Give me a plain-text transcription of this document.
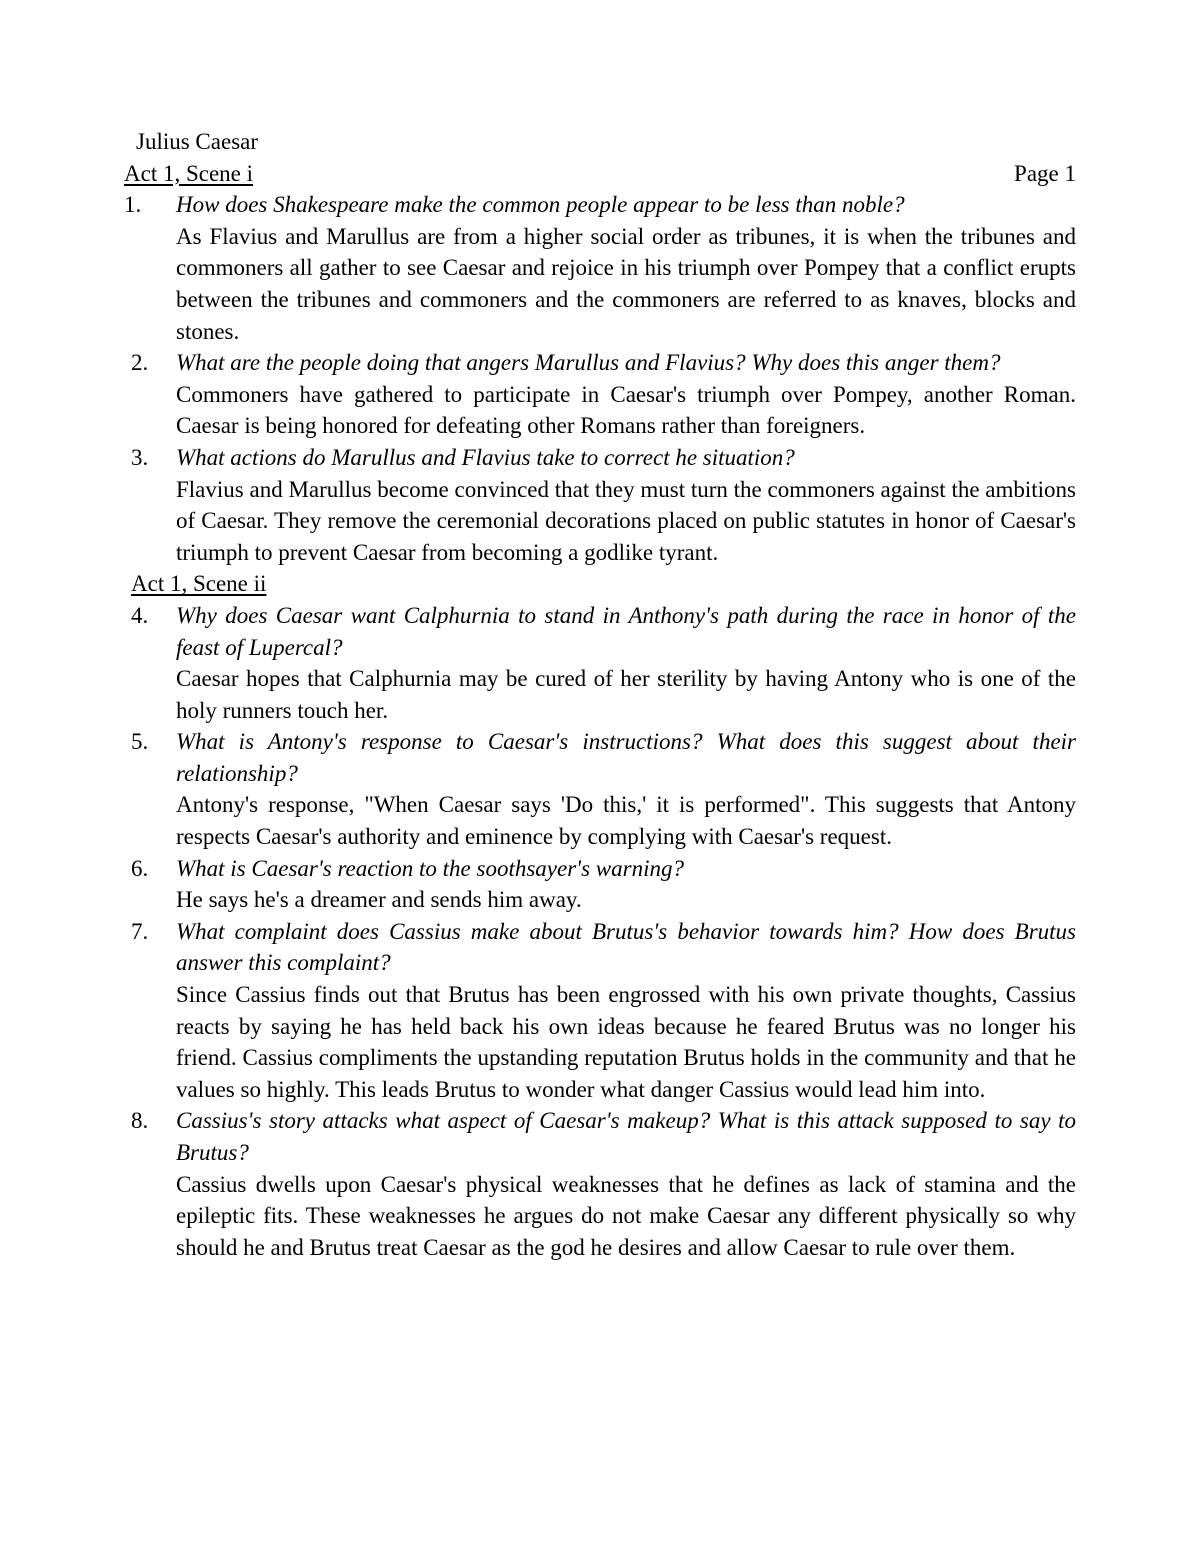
Julius Caesar
Act 1, Scene i	Page 1
1.	How does Shakespeare make the common people appear to be less than noble?
As Flavius and Marullus are from a higher social order as tribunes, it is when the tribunes and commoners all gather to see Caesar and rejoice in his triumph over Pompey that a conflict erupts between the tribunes and commoners and the commoners are referred to as knaves, blocks and stones.
2.	What are the people doing that angers Marullus and Flavius? Why does this anger them?
Commoners have gathered to participate in Caesar's triumph over Pompey, another Roman. Caesar is being honored for defeating other Romans rather than foreigners.
3.	What actions do Marullus and Flavius take to correct he situation?
Flavius and Marullus become convinced that they must turn the commoners against the ambitions of Caesar. They remove the ceremonial decorations placed on public statutes in honor of Caesar's triumph to prevent Caesar from becoming a godlike tyrant.
Act 1, Scene ii
4.	Why does Caesar want Calphurnia to stand in Anthony's path during the race in honor of the feast of Lupercal?
Caesar hopes that Calphurnia may be cured of her sterility by having Antony who is one of the holy runners touch her.
5.	What is Antony's response to Caesar's instructions? What does this suggest about their relationship?
Antony's response, "When Caesar says 'Do this,' it is performed". This suggests that Antony respects Caesar's authority and eminence by complying with Caesar's request.
6.	What is Caesar's reaction to the soothsayer's warning?
He says he's a dreamer and sends him away.
7.	What complaint does Cassius make about Brutus's behavior towards him? How does Brutus answer this complaint?
Since Cassius finds out that Brutus has been engrossed with his own private thoughts, Cassius reacts by saying he has held back his own ideas because he feared Brutus was no longer his friend. Cassius compliments the upstanding reputation Brutus holds in the community and that he values so highly. This leads Brutus to wonder what danger Cassius would lead him into.
8.	Cassius's story attacks what aspect of Caesar's makeup? What is this attack supposed to say to Brutus?
Cassius dwells upon Caesar's physical weaknesses that he defines as lack of stamina and the epileptic fits. These weaknesses he argues do not make Caesar any different physically so why should he and Brutus treat Caesar as the god he desires and allow Caesar to rule over them.
